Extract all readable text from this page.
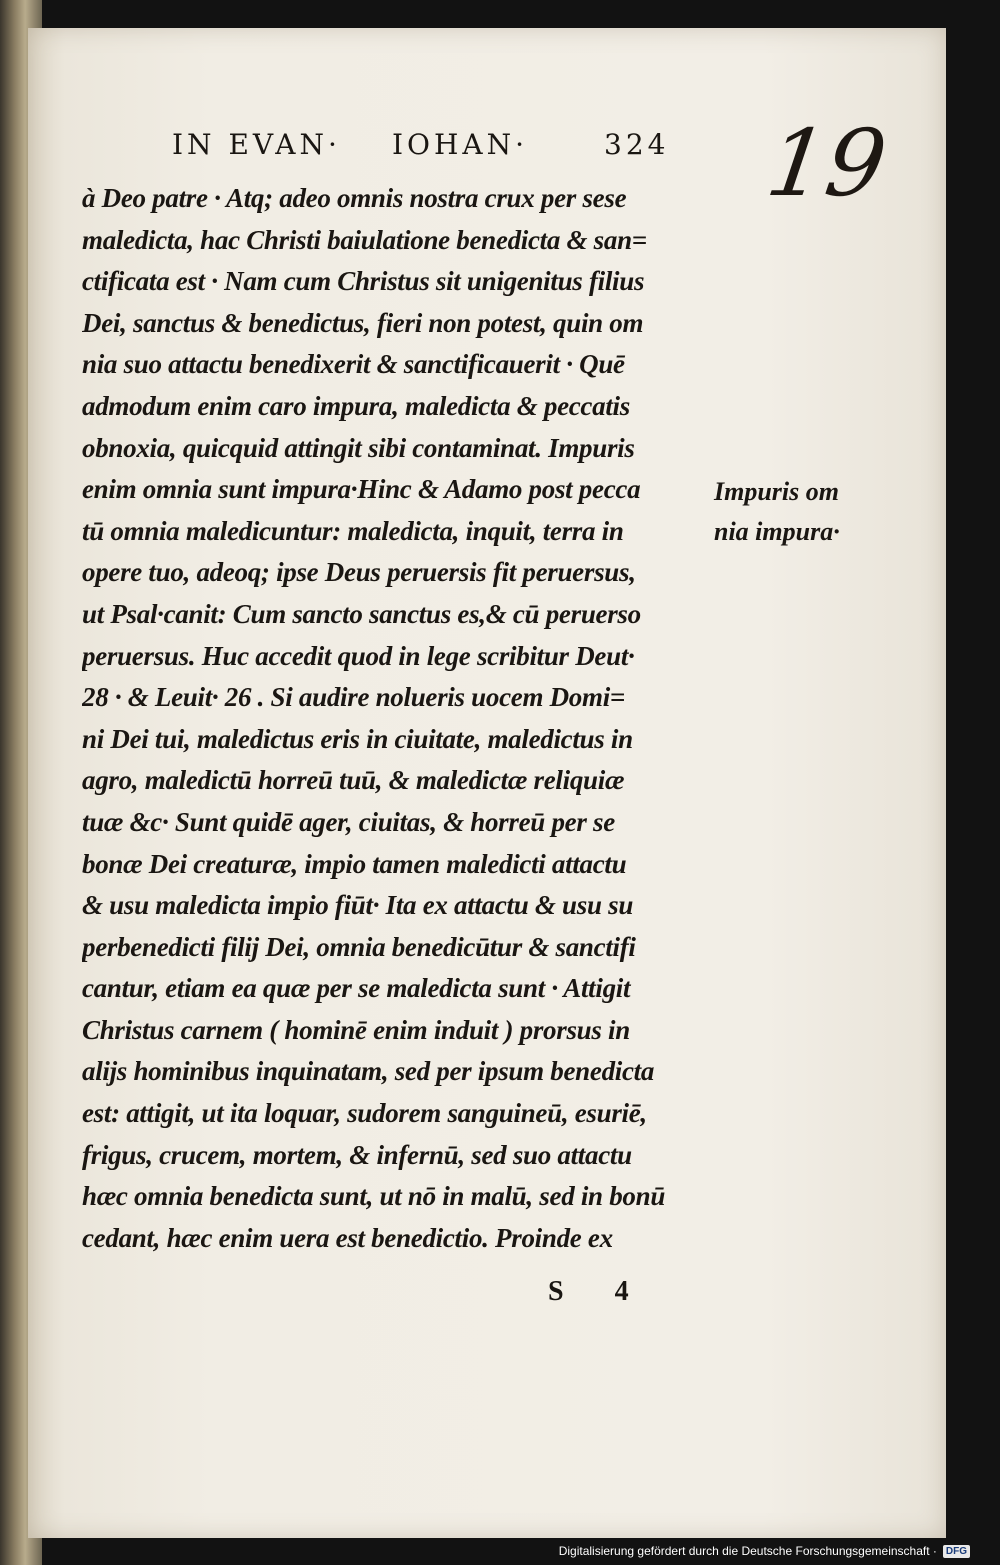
IN EVAN· IOHAN·	324 19
à Deo patre · Atq; adeo omnis nostra crux per sese
maledicta, hac Christi baiulatione benedicta & san=
ctificata est · Nam cum Christus sit unigenitus filius
Dei, sanctus & benedictus, fieri non potest, quin om
nia suo attactu benedixerit & sanctificauerit · Quē
admodum enim caro impura, maledicta & peccatis
obnoxia, quicquid attingit sibi contaminat. Impuris
enim omnia sunt impura·Hinc & Adamo post pecca
tū omnia maledicuntur: maledicta, inquit, terra in
opere tuo, adeoq; ipse Deus peruersis fit peruersus,
ut Psal·canit: Cum sancto sanctus es,& cū peruerso
peruersus. Huc accedit quod in lege scribitur Deut·
28 · & Leuit· 26 . Si audire nolueris uocem Domi=
ni Dei tui, maledictus eris in ciuitate, maledictus in
agro, maledictū horreū tuū, & maledictæ reliquiæ
tuæ &c· Sunt quidē ager, ciuitas, & horreū per se
bonæ Dei creaturæ, impio tamen maledicti attactu
& usu maledicta impio fiūt· Ita ex attactu & usu su
perbenedicti filij Dei, omnia benedicūtur & sanctifi
cantur, etiam ea quæ per se maledicta sunt · Attigit
Christus carnem ( hominē enim induit ) prorsus in
alijs hominibus inquinatam, sed per ipsum benedicta
est: attigit, ut ita loquar, sudorem sanguineū, esuriē,
frigus, crucem, mortem, & infernū, sed suo attactu
hæc omnia benedicta sunt, ut nō in malū, sed in bonū
cedant, hæc enim uera est benedictio. Proinde ex
Impuris om
nia impura·
S 4
Digitalisierung gefördert durch die Deutsche Forschungsgemeinschaft · DFG
